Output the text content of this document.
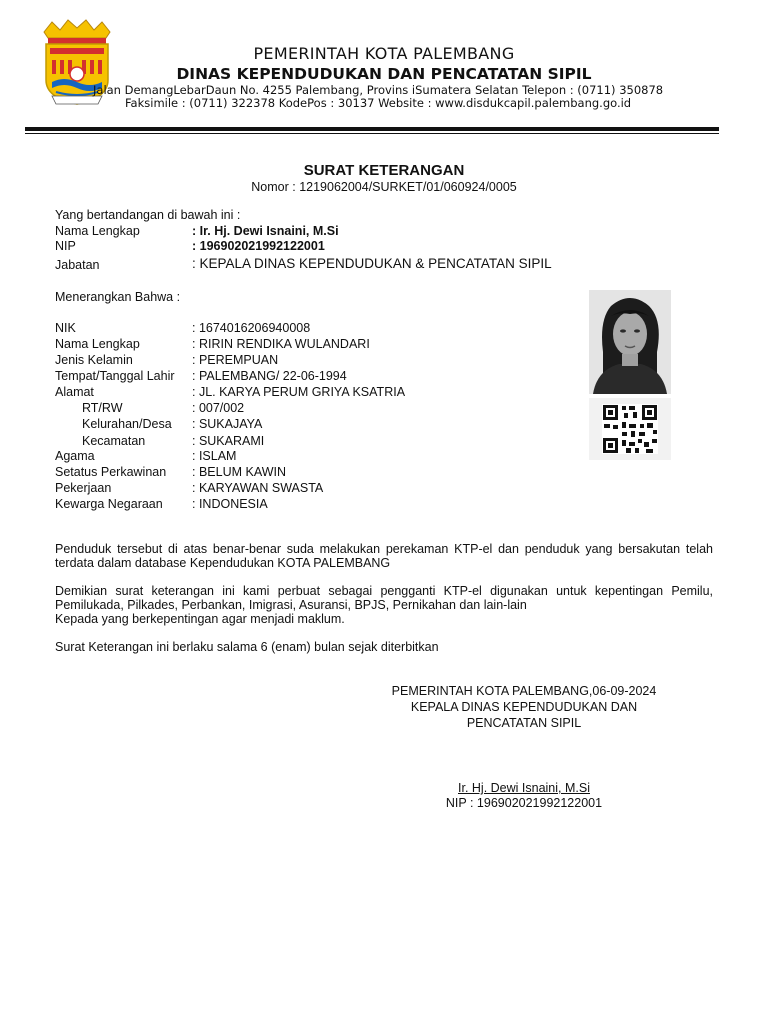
PEMERINTAH KOTA PALEMBANG
DINAS KEPENDUDUKAN DAN PENCATATAN SIPIL
Jalan DemangLebarDaun No. 4255 Palembang, Provins iSumatera Selatan Telepon : (0711) 350878
Faksimile : (0711) 322378 KodePos : 30137 Website : www.disdukcapil.palembang.go.id
SURAT KETERANGAN
Nomor : 1219062004/SURKET/01/060924/0005
Yang bertandangan di bawah ini :
Nama Lengkap	: Ir. Hj. Dewi Isnaini, M.Si
NIP	: 196902021992122001
Jabatan	: KEPALA DINAS KEPENDUDUKAN & PENCATATAN SIPIL
Menerangkan Bahwa :
NIK	: 1674016206940008
Nama Lengkap	: RIRIN RENDIKA WULANDARI
Jenis Kelamin	: PEREMPUAN
Tempat/Tanggal Lahir : PALEMBANG/ 22-06-1994
Alamat	: JL. KARYA PERUM GRIYA KSATRIA
RT/RW	: 007/002
Kelurahan/Desa : SUKAJAYA
Kecamatan	: SUKARAMI
Agama	: ISLAM
Setatus Perkawinan : BELUM KAWIN
Pekerjaan	: KARYAWAN SWASTA
Kewarga Negaraan : INDONESIA
Penduduk tersebut di atas benar-benar suda melakukan perekaman KTP-el dan penduduk yang bersakutan telah terdata dalam database Kependudukan KOTA PALEMBANG
Demikian surat keterangan ini kami perbuat sebagai pengganti KTP-el digunakan untuk kepentingan Pemilu, Pemilukada, Pilkades, Perbankan, Imigrasi, Asuransi, BPJS, Pernikahan dan lain-lain
Kepada yang berkepentingan agar menjadi maklum.
Surat Keterangan ini berlaku salama 6 (enam) bulan sejak diterbitkan
PEMERINTAH KOTA PALEMBANG,06-09-2024
KEPALA DINAS KEPENDUDUKAN DAN
PENCATATAN SIPIL
Ir. Hj. Dewi Isnaini, M.Si
NIP : 196902021992122001
